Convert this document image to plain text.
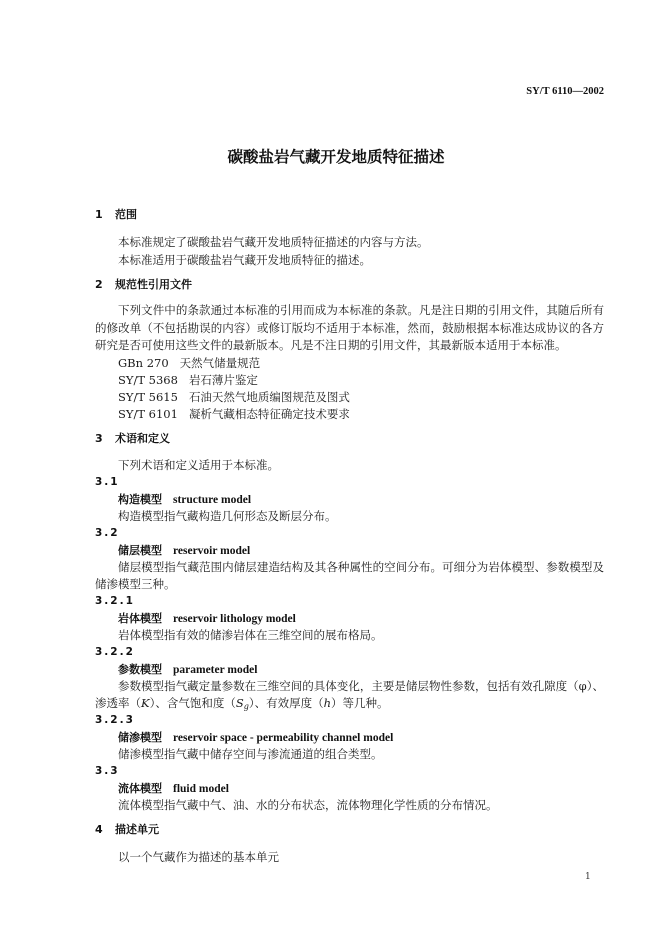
SY/T 6110—2002
碳酸盐岩气藏开发地质特征描述
1 范围
本标准规定了碳酸盐岩气藏开发地质特征描述的内容与方法。
本标准适用于碳酸盐岩气藏开发地质特征的描述。
2 规范性引用文件
下列文件中的条款通过本标准的引用而成为本标准的条款。凡是注日期的引用文件，其随后所有
的修改单（不包括勘误的内容）或修订版均不适用于本标准，然而，鼓励根据本标准达成协议的各方
研究是否可使用这些文件的最新版本。凡是不注日期的引用文件，其最新版本适用于本标准。
GBn 270 天然气储量规范
SY/T 5368 岩石薄片鉴定
SY/T 5615 石油天然气地质编图规范及图式
SY/T 6101 凝析气藏相态特征确定技术要求
3 术语和定义
下列术语和定义适用于本标准。
3.1
构造模型 structure model
构造模型指气藏构造几何形态及断层分布。
3.2
储层模型 reservoir model
储层模型指气藏范围内储层建造结构及其各种属性的空间分布。可细分为岩体模型、参数模型及
储渗模型三种。
3.2.1
岩体模型 reservoir lithology model
岩体模型指有效的储渗岩体在三维空间的展布格局。
3.2.2
参数模型 parameter model
参数模型指气藏定量参数在三维空间的具体变化，主要是储层物性参数，包括有效孔隙度（φ）、
渗透率（K）、含气饱和度$(S_g)$、有效厚度（h）等几种。
3.2.3
储渗模型 reservoir space - permeability channel model
储渗模型指气藏中储存空间与渗流通道的组合类型。
3.3
流体模型 fluid model
流体模型指气藏中气、油、水的分布状态，流体物理化学性质的分布情况。
4 描述单元
以一个气藏作为描述的基本单元
1
